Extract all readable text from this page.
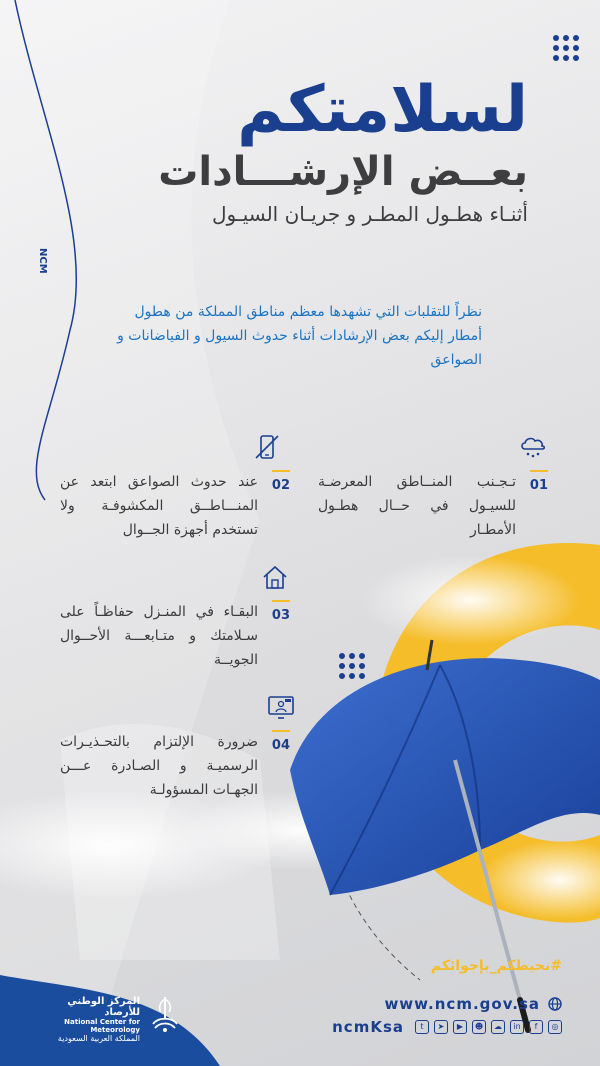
لسلامتكم
بعــض الإرشـــادات
أثنـاء هطـول المطـر و جريـان السيـول
NCM
نظراً للتقلبات التي تشهدها معظم مناطق المملكة من هطول أمطار إليكم بعض الإرشادات أثناء حدوث السيول و الفياضانات و الصواعق
01
تـجـنب المنــاطق المعرضـة للسيـول في حــال هطـول الأمطـار
02
عند حدوث الصواعق ابتعد عن المنـــاطــق المكشوفـة ولا تستخدم أجهزة الجــوال
03
البقـاء في المنـزل حفاظـاً على سـلامتك و متـابعـــة الأحــوال الجويــة
04
ضرورة الإلتزام بالتحـذيـرات الرسميـة و الصـادرة عـــن الجهـات المسؤولـة
#نحيطكم_بإجوائكم
www.ncm.gov.sa
ncmKsa	t	➤	▶	☻	☁	in	f	◎
المركز الوطني للأرصاد
National Center for Meteorology
المملكة العربية السعودية
